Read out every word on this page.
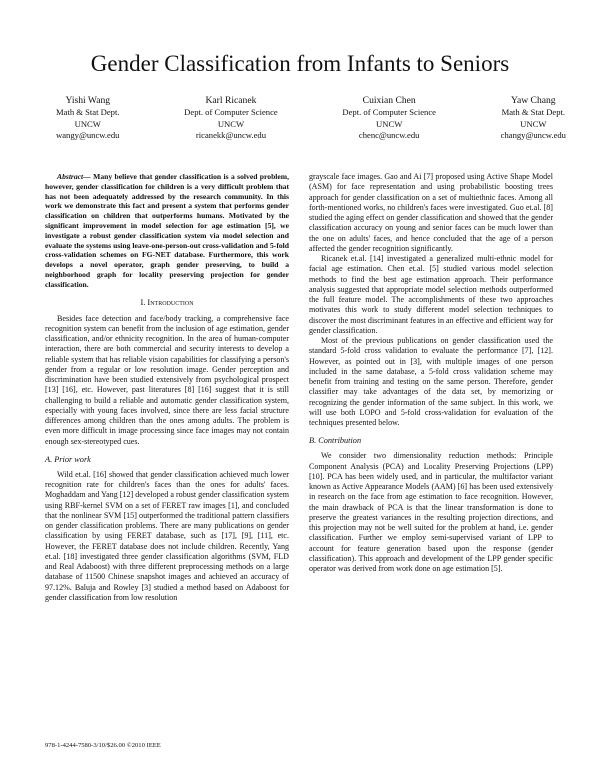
Gender Classification from Infants to Seniors
Yishi Wang
Math & Stat Dept.
UNCW
wangy@uncw.edu
Karl Ricanek
Dept. of Computer Science
UNCW
ricanekk@uncw.edu
Cuixian Chen
Dept. of Computer Science
UNCW
chenc@uncw.edu
Yaw Chang
Math & Stat Dept.
UNCW
changy@uncw.edu

Abstract— Many believe that gender classification is a solved problem, however, gender classification for children is a very difficult problem that has not been adequately addressed by the research community. In this work we demonstrate this fact and present a system that performs gender classification on children that outperforms humans. Motivated by the significant improvement in model selection for age estimation [5], we investigate a robust gender classification system via model selection and evaluate the systems using leave-one-person-out cross-validation and 5-fold cross-validation schemes on FG-NET database. Furthermore, this work develops a novel operator, graph gender preserving, to build a neighborhood graph for locality preserving projection for gender classification.

I. Introduction

Besides face detection and face/body tracking, a comprehensive face recognition system can benefit from the inclusion of age estimation, gender classification, and/or ethnicity recognition. In the area of human-computer interaction, there are both commercial and security interests to develop a reliable system that has reliable vision capabilities for classifying a person's gender from a regular or low resolution image. Gender perception and discrimination have been studied extensively from psychological prospect [13] [16], etc. However, past literatures [8] [16] suggest that it is still challenging to build a reliable and automatic gender classification system, especially with young faces involved, since there are less facial structure differences among children than the ones among adults. The problem is even more difficult in image processing since face images may not contain enough sex-stereotyped cues.

A. Prior work

Wild et.al. [16] showed that gender classification achieved much lower recognition rate for children's faces than the ones for adults' faces. Moghaddam and Yang [12] developed a robust gender classification system using RBF-kernel SVM on a set of FERET raw images [1], and concluded that the nonlinear SVM [15] outperformed the traditional pattern classifiers on gender classification problems. There are many publications on gender classification by using FERET database, such as [17], [9], [11], etc. However, the FERET database does not include children. Recently, Yang et.al. [18] investigated three gender classification algorithms (SVM, FLD and Real Adaboost) with three different preprocessing methods on a large database of 11500 Chinese snapshot images and achieved an accuracy of 97.12%. Baluja and Rowley [3] studied a method based on Adaboost for gender classification from low resolution

grayscale face images. Gao and Ai [7] proposed using Active Shape Model (ASM) for face representation and using probabilistic boosting trees approach for gender classification on a set of multiethnic faces. Among all forth-mentioned works, no children's faces were investigated. Guo et.al. [8] studied the aging effect on gender classification and showed that the gender classification accuracy on young and senior faces can be much lower than the one on adults' faces, and hence concluded that the age of a person affected the gender recognition significantly.

Ricanek et.al. [14] investigated a generalized multi-ethnic model for facial age estimation. Chen et.al. [5] studied various model selection methods to find the best age estimation approach. Their performance analysis suggested that appropriate model selection methods outperformed the full feature model. The accomplishments of these two approaches motivates this work to study different model selection techniques to discover the most discriminant features in an effective and efficient way for gender classification.

Most of the previous publications on gender classification used the standard 5-fold cross validation to evaluate the performance [7], [12]. However, as pointed out in [3], with multiple images of one person included in the same database, a 5-fold cross validation scheme may benefit from training and testing on the same person. Therefore, gender classifier may take advantages of the data set, by memorizing or recognizing the gender information of the same subject. In this work, we will use both LOPO and 5-fold cross-validation for evaluation of the techniques presented below.

B. Contribution

We consider two dimensionality reduction methods: Principle Component Analysis (PCA) and Locality Preserving Projections (LPP) [10]. PCA has been widely used, and in particular, the multifactor variant known as Active Appearance Models (AAM) [6] has been used extensively in research on the face from age estimation to face recognition. However, the main drawback of PCA is that the linear transformation is done to preserve the greatest variances in the resulting projection directions, and this projection may not be well suited for the problem at hand, i.e. gender classification. Further we employ semi-supervised variant of LPP to account for feature generation based upon the response (gender classification). This approach and development of the LPP gender specific operator was derived from work done on age estimation [5].

978-1-4244-7580-3/10/$26.00 ©2010 IEEE
